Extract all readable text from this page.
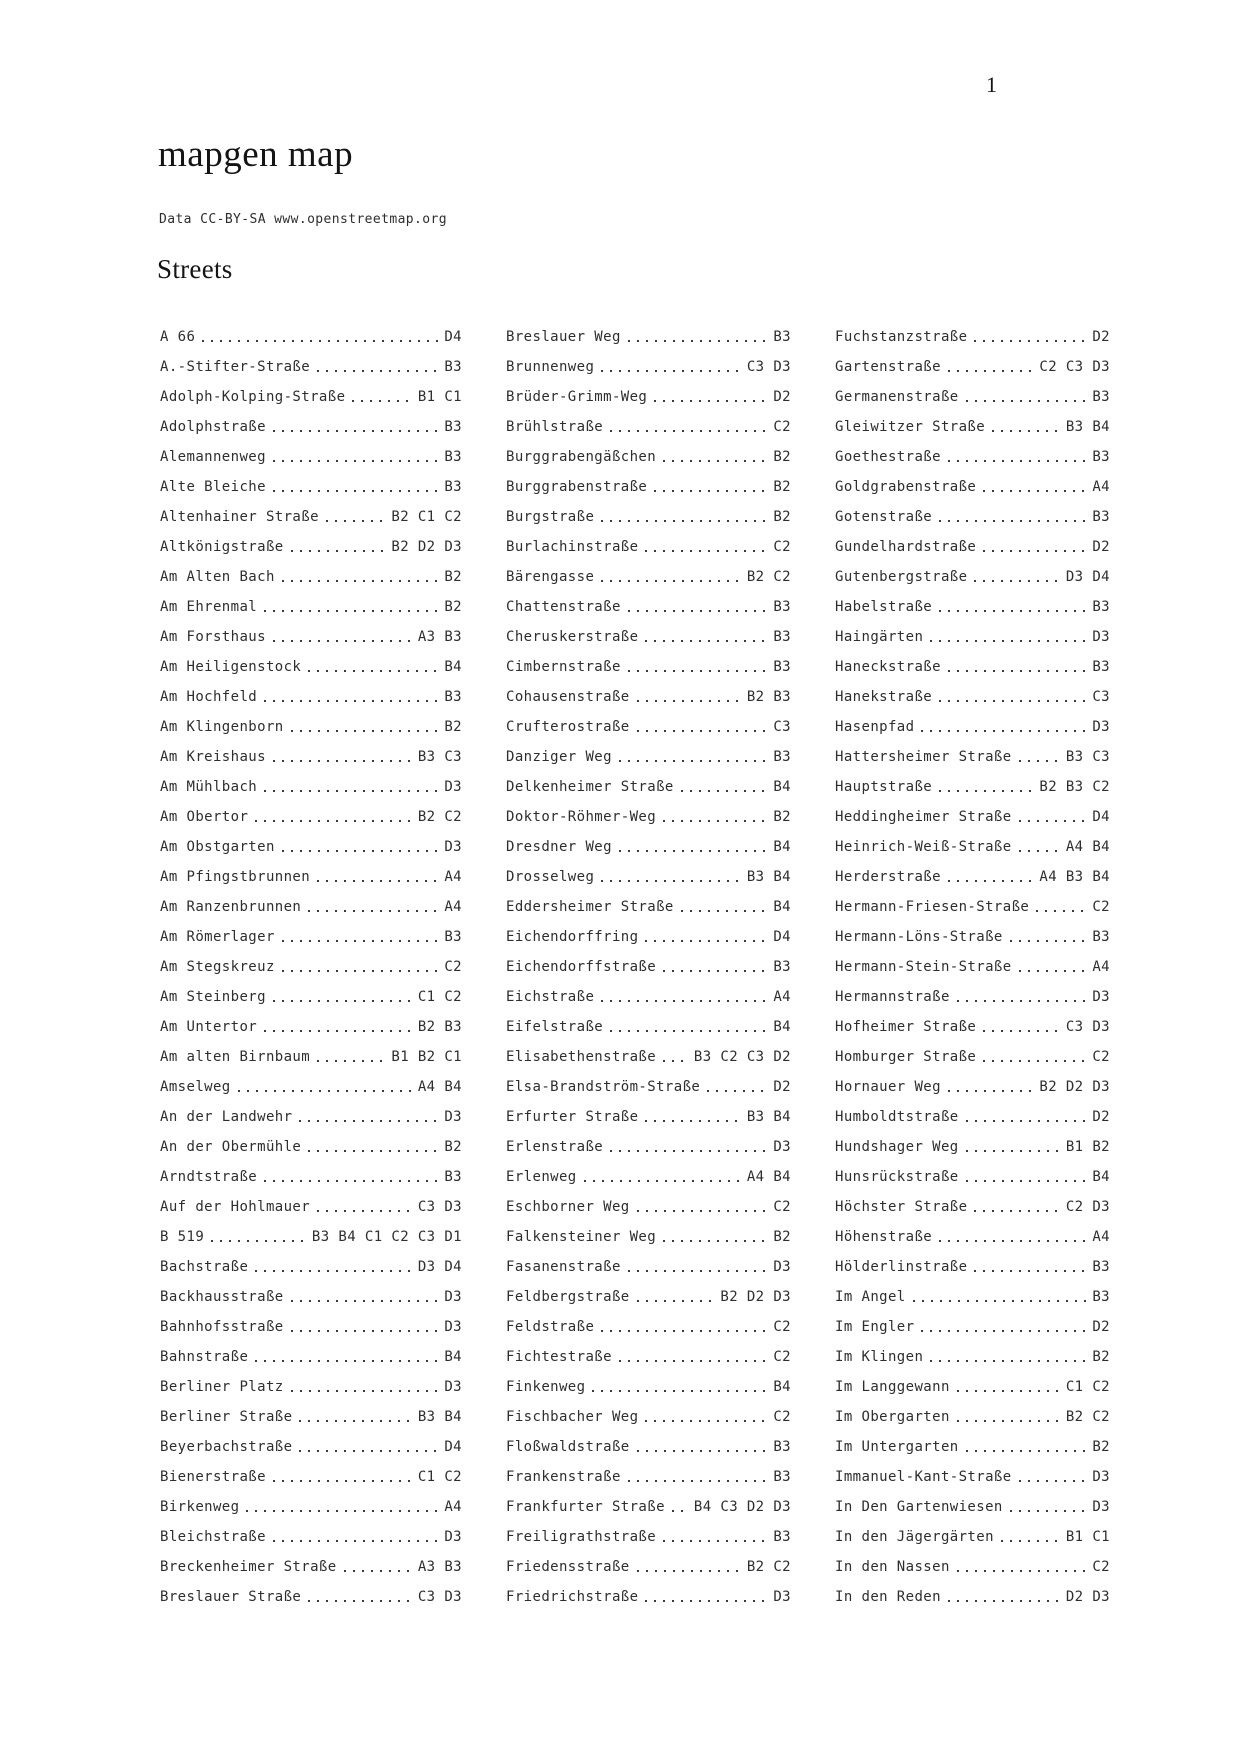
1
mapgen map
Data CC-BY-SA www.openstreetmap.org
Streets
A 66	D4
A.-Stifter-Straße	B3
Adolph-Kolping-Straße	B1 C1
Adolphstraße	B3
Alemannenweg	B3
Alte Bleiche	B3
Altenhainer Straße	B2 C1 C2
Altkönigstraße	B2 D2 D3
Am Alten Bach	B2
Am Ehrenmal	B2
Am Forsthaus	A3 B3
Am Heiligenstock	B4
Am Hochfeld	B3
Am Klingenborn	B2
Am Kreishaus	B3 C3
Am Mühlbach	D3
Am Obertor	B2 C2
Am Obstgarten	D3
Am Pfingstbrunnen	A4
Am Ranzenbrunnen	A4
Am Römerlager	B3
Am Stegskreuz	C2
Am Steinberg	C1 C2
Am Untertor	B2 B3
Am alten Birnbaum	B1 B2 C1
Amselweg	A4 B4
An der Landwehr	D3
An der Obermühle	B2
Arndtstraße	B3
Auf der Hohlmauer	C3 D3
B 519	B3 B4 C1 C2 C3 D1
Bachstraße	D3 D4
Backhausstraße	D3
Bahnhofsstraße	D3
Bahnstraße	B4
Berliner Platz	D3
Berliner Straße	B3 B4
Beyerbachstraße	D4
Bienerstraße	C1 C2
Birkenweg	A4
Bleichstraße	D3
Breckenheimer Straße	A3 B3
Breslauer Straße	C3 D3
Breslauer Weg	B3
Brunnenweg	C3 D3
Brüder-Grimm-Weg	D2
Brühlstraße	C2
Burggrabengäßchen	B2
Burggrabenstraße	B2
Burgstraße	B2
Burlachinstraße	C2
Bärengasse	B2 C2
Chattenstraße	B3
Cheruskerstraße	B3
Cimbernstraße	B3
Cohausenstraße	B2 B3
Crufterostraße	C3
Danziger Weg	B3
Delkenheimer Straße	B4
Doktor-Röhmer-Weg	B2
Dresdner Weg	B4
Drosselweg	B3 B4
Eddersheimer Straße	B4
Eichendorffring	D4
Eichendorffstraße	B3
Eichstraße	A4
Eifelstraße	B4
Elisabethenstraße	B3 C2 C3 D2
Elsa-Brandström-Straße	D2
Erfurter Straße	B3 B4
Erlenstraße	D3
Erlenweg	A4 B4
Eschborner Weg	C2
Falkensteiner Weg	B2
Fasanenstraße	D3
Feldbergstraße	B2 D2 D3
Feldstraße	C2
Fichtestraße	C2
Finkenweg	B4
Fischbacher Weg	C2
Floßwaldstraße	B3
Frankenstraße	B3
Frankfurter Straße B4 C3 D2 D3
Freiligrathstraße	B3
Friedensstraße	B2 C2
Friedrichstraße	D3
Fuchstanzstraße	D2
Gartenstraße	C2 C3 D3
Germanenstraße	B3
Gleiwitzer Straße	B3 B4
Goethestraße	B3
Goldgrabenstraße	A4
Gotenstraße	B3
Gundelhardstraße	D2
Gutenbergstraße	D3 D4
Habelstraße	B3
Haingärten	D3
Haneckstraße	B3
Hanekstraße	C3
Hasenpfad	D3
Hattersheimer Straße	B3 C3
Hauptstraße	B2 B3 C2
Heddingheimer Straße	D4
Heinrich-Weiß-Straße	A4 B4
Herderstraße	A4 B3 B4
Hermann-Friesen-Straße	C2
Hermann-Löns-Straße	B3
Hermann-Stein-Straße	A4
Hermannstraße	D3
Hofheimer Straße	C3 D3
Homburger Straße	C2
Hornauer Weg	B2 D2 D3
Humboldtstraße	D2
Hundshager Weg	B1 B2
Hunsrückstraße	B4
Höchster Straße	C2 D3
Höhenstraße	A4
Hölderlinstraße	B3
Im Angel	B3
Im Engler	D2
Im Klingen	B2
Im Langgewann	C1 C2
Im Obergarten	B2 C2
Im Untergarten	B2
Immanuel-Kant-Straße	D3
In Den Gartenwiesen	D3
In den Jägergärten	B1 C1
In den Nassen	C2
In den Reden	D2 D3
